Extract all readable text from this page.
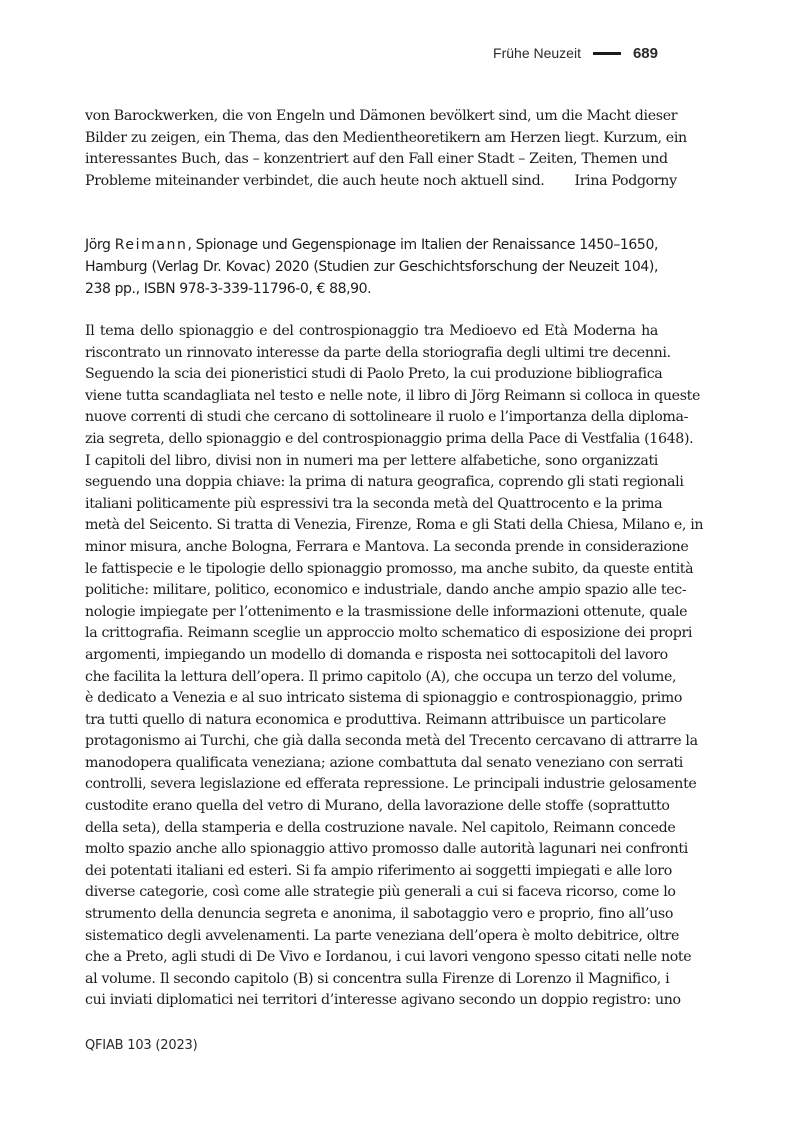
Frühe Neuzeit	689
von Barockwerken, die von Engeln und Dämonen bevölkert sind, um die Macht dieser
Bilder zu zeigen, ein Thema, das den Medientheoretikern am Herzen liegt. Kurzum, ein
interessantes Buch, das – konzentriert auf den Fall einer Stadt – Zeiten, Themen und
Probleme miteinander verbindet, die auch heute noch aktuell sind. Irina Podgorny
Jörg Reimann, Spionage und Gegenspionage im Italien der Renaissance 1450–1650,
Hamburg (Verlag Dr. Kovac) 2020 (Studien zur Geschichtsforschung der Neuzeit 104),
238 pp., ISBN 978-3-339-11796-0, € 88,90.
Il tema dello spionaggio e del controspionaggio tra Medioevo ed Età Moderna ha
riscontrato un rinnovato interesse da parte della storiografia degli ultimi tre decenni.
Seguendo la scia dei pioneristici studi di Paolo Preto, la cui produzione bibliografica
viene tutta scandagliata nel testo e nelle note, il libro di Jörg Reimann si colloca in queste
nuove correnti di studi che cercano di sottolineare il ruolo e l’importanza della diploma-
zia segreta, dello spionaggio e del controspionaggio prima della Pace di Vestfalia (1648).
I capitoli del libro, divisi non in numeri ma per lettere alfabetiche, sono organizzati
seguendo una doppia chiave: la prima di natura geografica, coprendo gli stati regionali
italiani politicamente più espressivi tra la seconda metà del Quattrocento e la prima
metà del Seicento. Si tratta di Venezia, Firenze, Roma e gli Stati della Chiesa, Milano e, in
minor misura, anche Bologna, Ferrara e Mantova. La seconda prende in considerazione
le fattispecie e le tipologie dello spionaggio promosso, ma anche subito, da queste entità
politiche: militare, politico, economico e industriale, dando anche ampio spazio alle tec-
nologie impiegate per l’ottenimento e la trasmissione delle informazioni ottenute, quale
la crittografia. Reimann sceglie un approccio molto schematico di esposizione dei propri
argomenti, impiegando un modello di domanda e risposta nei sottocapitoli del lavoro
che facilita la lettura dell’opera. Il primo capitolo (A), che occupa un terzo del volume,
è dedicato a Venezia e al suo intricato sistema di spionaggio e controspionaggio, primo
tra tutti quello di natura economica e produttiva. Reimann attribuisce un particolare
protagonismo ai Turchi, che già dalla seconda metà del Trecento cercavano di attrarre la
manodopera qualificata veneziana; azione combattuta dal senato veneziano con serrati
controlli, severa legislazione ed efferata repressione. Le principali industrie gelosamente
custodite erano quella del vetro di Murano, della lavorazione delle stoffe (soprattutto
della seta), della stamperia e della costruzione navale. Nel capitolo, Reimann concede
molto spazio anche allo spionaggio attivo promosso dalle autorità lagunari nei confronti
dei potentati italiani ed esteri. Si fa ampio riferimento ai soggetti impiegati e alle loro
diverse categorie, così come alle strategie più generali a cui si faceva ricorso, come lo
strumento della denuncia segreta e anonima, il sabotaggio vero e proprio, fino all’uso
sistematico degli avvelenamenti. La parte veneziana dell’opera è molto debitrice, oltre
che a Preto, agli studi di De Vivo e Iordanou, i cui lavori vengono spesso citati nelle note
al volume. Il secondo capitolo (B) si concentra sulla Firenze di Lorenzo il Magnifico, i
cui inviati diplomatici nei territori d’interesse agivano secondo un doppio registro: uno
QFIAB 103 (2023)
